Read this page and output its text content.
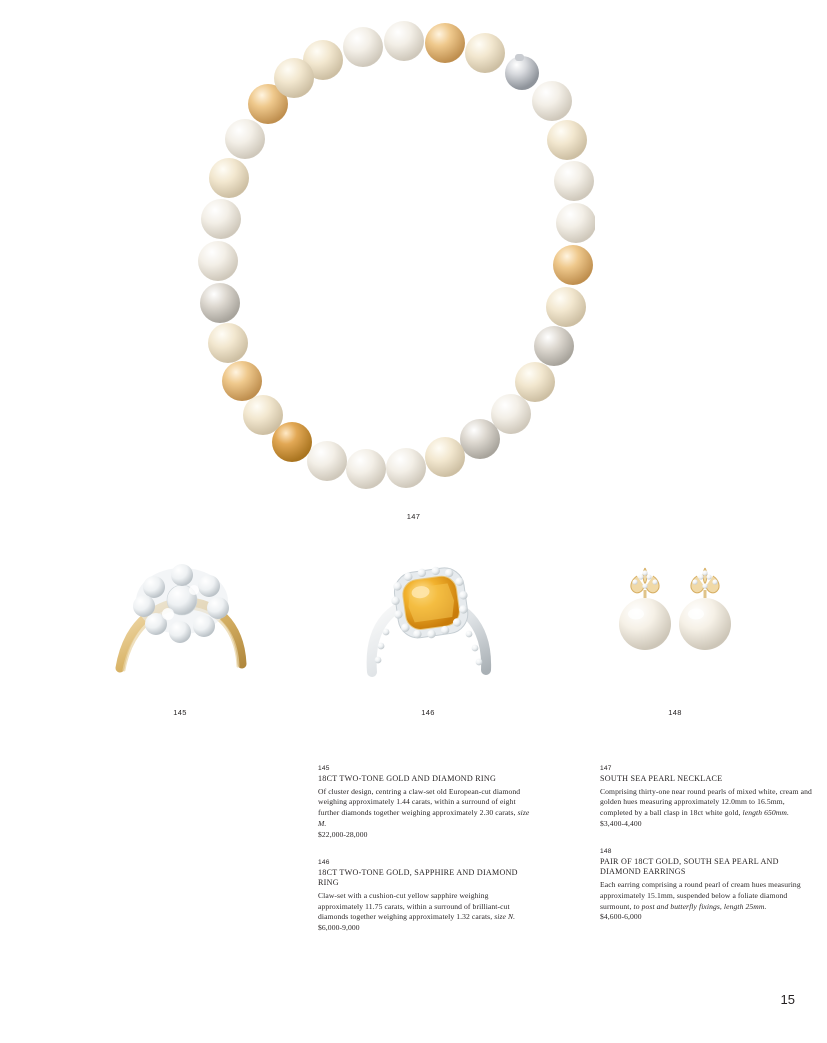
147
145	146	148
145
18CT TWO-TONE GOLD AND DIAMOND RING
Of cluster design, centring a claw-set old European-cut diamond weighing approximately 1.44 carats, within a surround of eight further diamonds together weighing approximately 2.30 carats, size M.
$22,000-28,000
146
18CT TWO-TONE GOLD, SAPPHIRE AND DIAMOND RING
Claw-set with a cushion-cut yellow sapphire weighing approximately 11.75 carats, within a surround of brilliant-cut diamonds together weighing approximately 1.32 carats, size N.
$6,000-9,000
147
SOUTH SEA PEARL NECKLACE
Comprising thirty-one near round pearls of mixed white, cream and golden hues measuring approximately 12.0mm to 16.5mm, completed by a ball clasp in 18ct white gold, length 650mm.
$3,400-4,400
148
PAIR OF 18CT GOLD, SOUTH SEA PEARL AND DIAMOND EARRINGS
Each earring comprising a round pearl of cream hues measuring approximately 15.1mm, suspended below a foliate diamond surmount, to post and butterfly fixings, length 25mm.
$4,600-6,000
15
